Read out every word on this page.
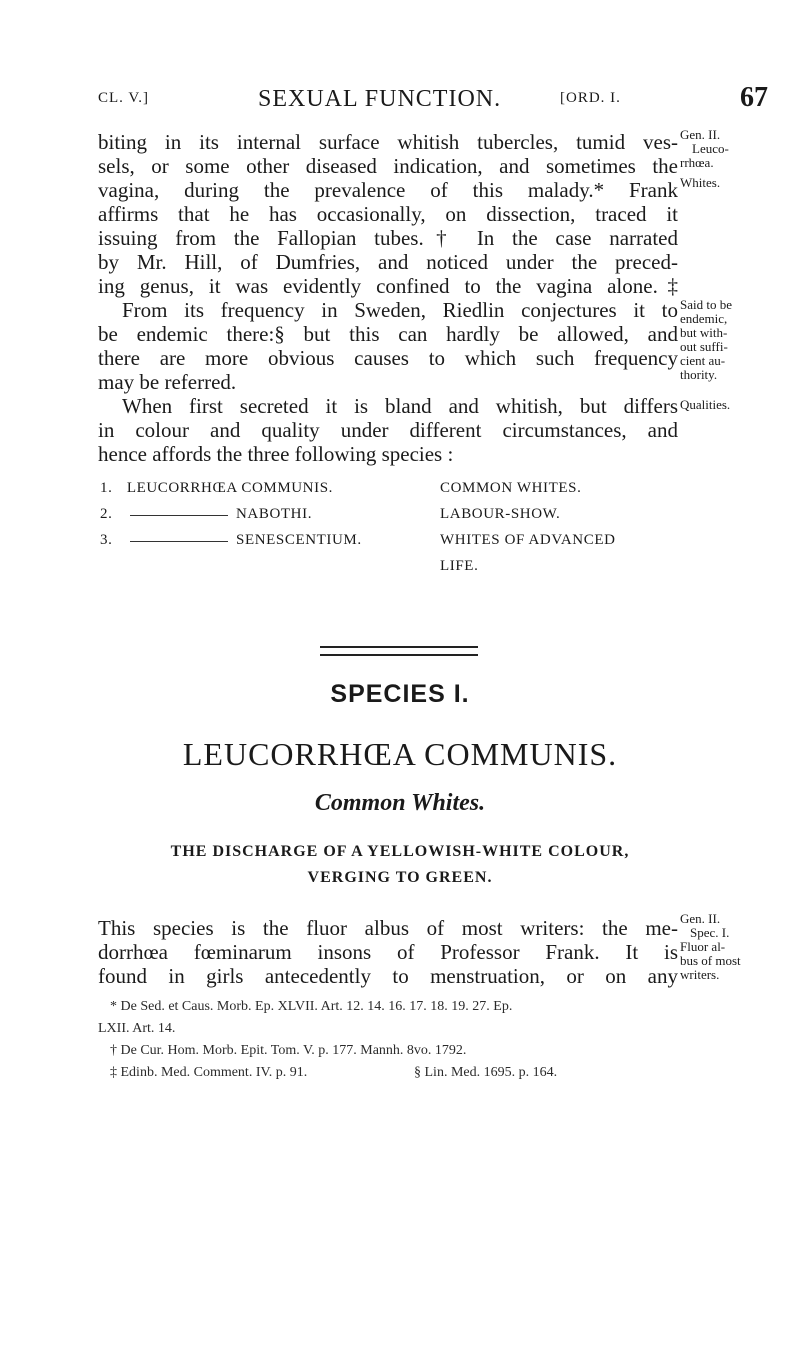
CL. V.]	SEXUAL FUNCTION.	[ORD. I.	67
biting in its internal surface whitish tubercles, tumid ves-
sels, or some other diseased indication, and sometimes the
vagina, during the prevalence of this malady.* Frank
affirms that he has occasionally, on dissection, traced it
issuing from the Fallopian tubes.† In the case narrated
by Mr. Hill, of Dumfries, and noticed under the preced-
ing genus, it was evidently confined to the vagina alone.‡
From its frequency in Sweden, Riedlin conjectures it to
be endemic there:§ but this can hardly be allowed, and
there are more obvious causes to which such frequency
may be referred.
When first secreted it is bland and whitish, but differs
in colour and quality under different circumstances, and
hence affords the three following species :
Gen. II.
Leuco-
rrhœa.
Whites.
Said to be
endemic,
but with-
out suffi-
cient au-
thority.
Qualities.
1. LEUCORRHŒA COMMUNIS.	COMMON WHITES.
2.	NABOTHI.	LABOUR-SHOW.
3.	SENESCENTIUM.	WHITES OF ADVANCED
LIFE.
SPECIES I.
LEUCORRHŒA COMMUNIS.
Common Whites.
THE DISCHARGE OF A YELLOWISH-WHITE COLOUR,
VERGING TO GREEN.
This species is the fluor albus of most writers: the me-
dorrhœa fœminarum insons of Professor Frank. It is
found in girls antecedently to menstruation, or on any
Gen. II.
Spec. I.
Fluor al-
bus of most
writers.
* De Sed. et Caus. Morb. Ep. XLVII. Art. 12. 14. 16. 17. 18. 19. 27. Ep.
LXII. Art. 14.
† De Cur. Hom. Morb. Epit. Tom. V. p. 177. Mannh. 8vo. 1792.
‡ Edinb. Med. Comment. IV. p. 91.	§ Lin. Med. 1695. p. 164.
